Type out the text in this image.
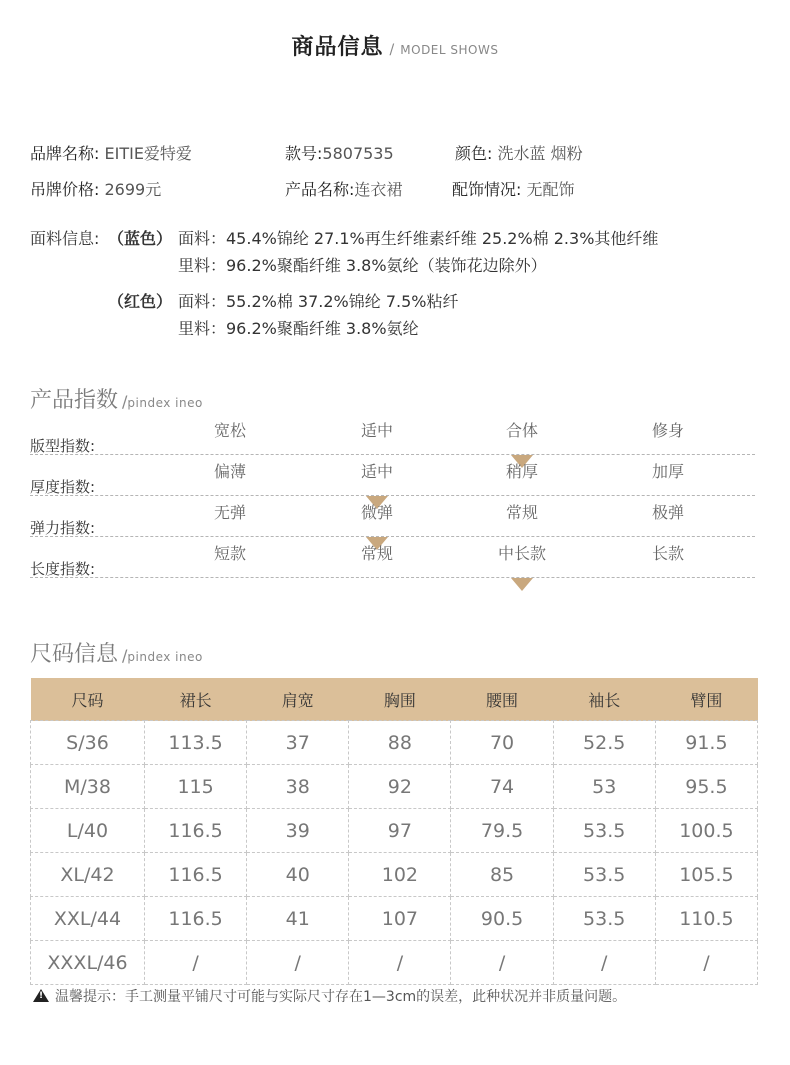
商品信息 / MODEL SHOWS
品牌名称: EITIE爱特爱	款号:5807535	颜色: 洗水蓝 烟粉
吊牌价格: 2699元	产品名称:连衣裙	配饰情况: 无配饰
面料信息: （蓝色） 面料：45.4%锦纶 27.1%再生纤维素纤维 25.2%棉 2.3%其他纤维
里料：96.2%聚酯纤维 3.8%氨纶（装饰花边除外）
（红色） 面料：55.2%棉 37.2%锦纶 7.5%粘纤
里料：96.2%聚酯纤维 3.8%氨纶
产品指数 /pindex ineo
版型指数:
宽松	适中	合体	修身
厚度指数:
偏薄	适中	稍厚	加厚
弹力指数:
无弹	微弹	常规	极弹
长度指数:
短款	常规	中长款	长款
尺码信息 /pindex ineo
尺码	裙长	肩宽	胸围	腰围	袖长	臂围
S/36	113.5	37	88	70	52.5	91.5
M/38	115	38	92	74	53	95.5
L/40	116.5	39	97	79.5	53.5	100.5
XL/42	116.5	40	102	85	53.5	105.5
XXL/44	116.5	41	107	90.5	53.5	110.5
XXXL/46	/	/	/	/	/	/
!温馨提示：手工测量平铺尺寸可能与实际尺寸存在1—3cm的误差，此种状况并非质量问题。
